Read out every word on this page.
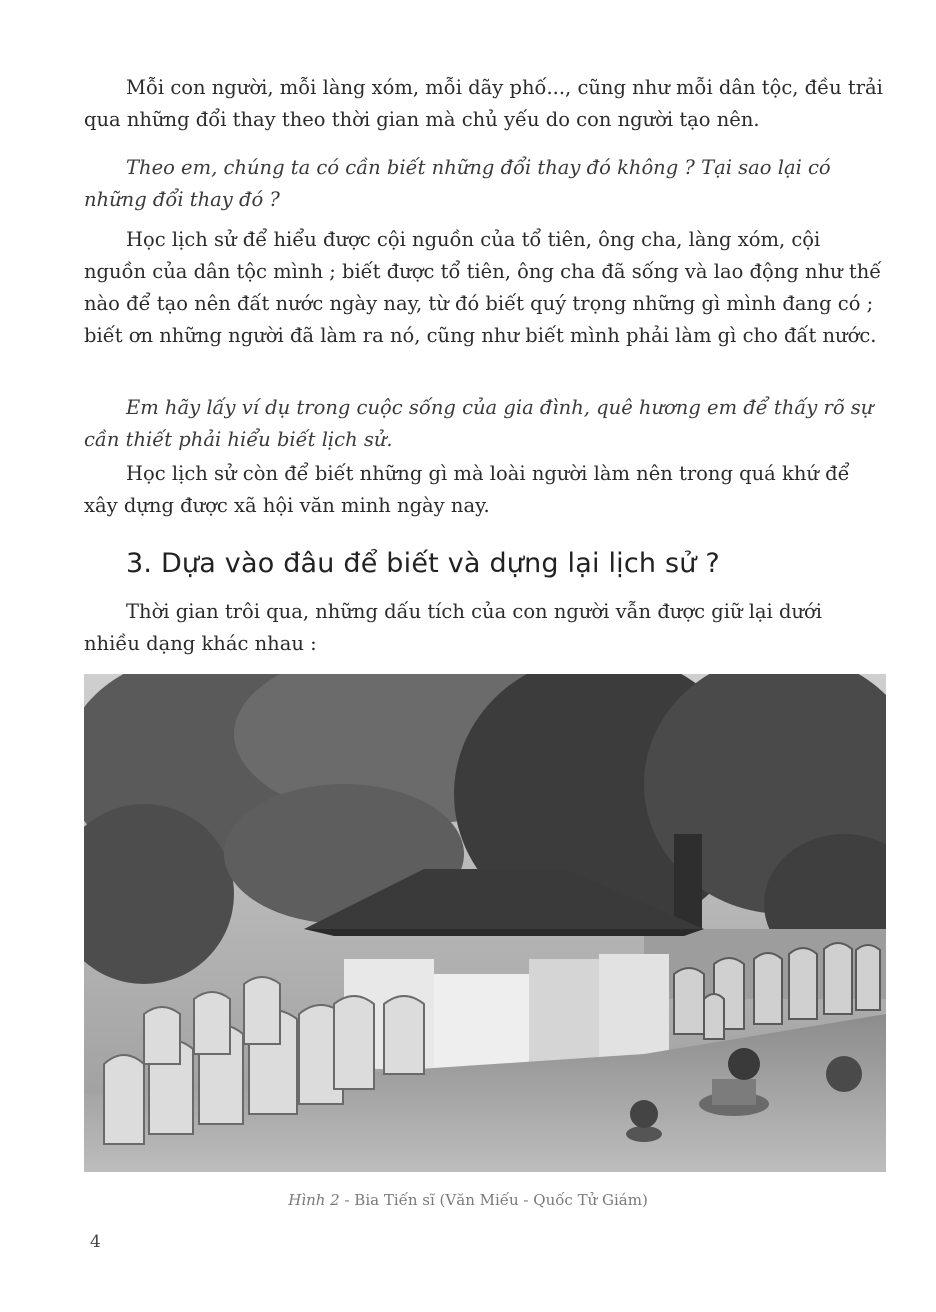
Mỗi con người, mỗi làng xóm, mỗi dãy phố..., cũng như mỗi dân tộc, đều trải qua những đổi thay theo thời gian mà chủ yếu do con người tạo nên.

Theo em, chúng ta có cần biết những đổi thay đó không ? Tại sao lại có những đổi thay đó ?

Học lịch sử để hiểu được cội nguồn của tổ tiên, ông cha, làng xóm, cội nguồn của dân tộc mình ; biết được tổ tiên, ông cha đã sống và lao động như thế nào để tạo nên đất nước ngày nay, từ đó biết quý trọng những gì mình đang có ; biết ơn những người đã làm ra nó, cũng như biết mình phải làm gì cho đất nước.

Em hãy lấy ví dụ trong cuộc sống của gia đình, quê hương em để thấy rõ sự cần thiết phải hiểu biết lịch sử.

Học lịch sử còn để biết những gì mà loài người làm nên trong quá khứ để xây dựng được xã hội văn minh ngày nay.

3. Dựa vào đâu để biết và dựng lại lịch sử ?

Thời gian trôi qua, những dấu tích của con người vẫn được giữ lại dưới nhiều dạng khác nhau :

Hình 2 - Bia Tiến sĩ (Văn Miếu - Quốc Tử Giám)
4
